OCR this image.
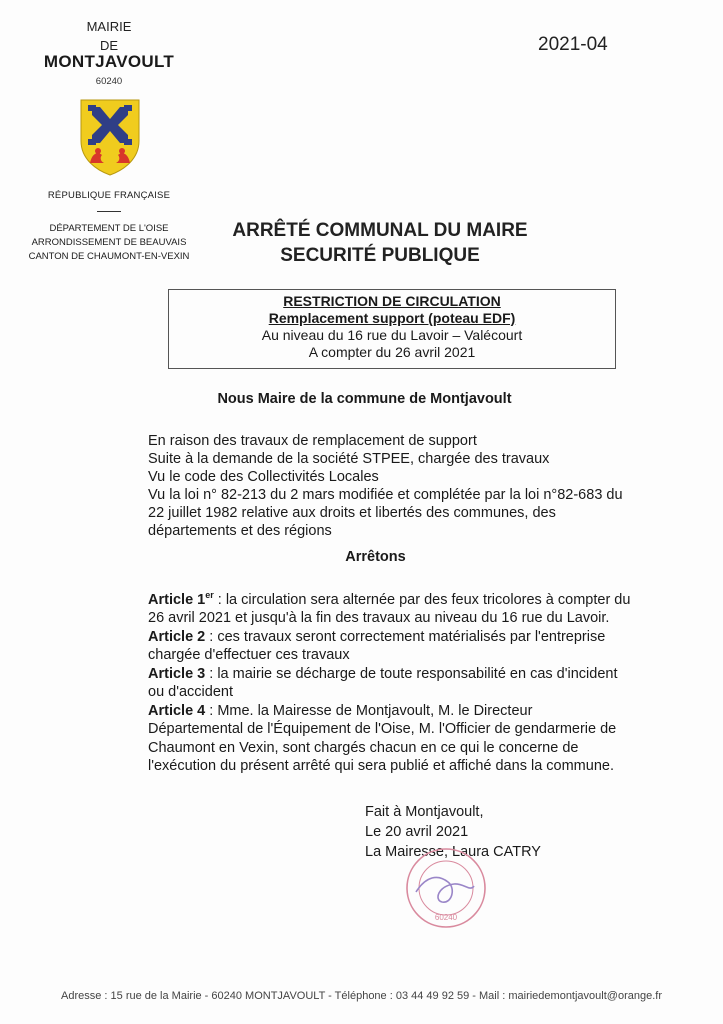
MAIRIE
DE
MONTJAVOULT
60240
RÉPUBLIQUE FRANÇAISE
DÉPARTEMENT DE L'OISE
ARRONDISSEMENT DE BEAUVAIS
CANTON DE CHAUMONT-EN-VEXIN
2021-04
ARRÊTÉ COMMUNAL DU MAIRE
SECURITÉ PUBLIQUE
RESTRICTION DE CIRCULATION
Remplacement support (poteau EDF)
Au niveau du 16 rue du Lavoir – Valécourt
A compter du 26 avril 2021
Nous Maire de la commune de Montjavoult
En raison des travaux de remplacement de support
Suite à la demande de la société STPEE, chargée des travaux
Vu le code des Collectivités Locales
Vu la loi n° 82-213 du 2 mars modifiée et complétée par la loi n°82-683 du
22 juillet 1982 relative aux droits et libertés des communes, des
départements et des régions
Arrêtons
Article 1er : la circulation sera alternée par des feux tricolores à compter du
26 avril 2021 et jusqu'à la fin des travaux au niveau du 16 rue du Lavoir.
Article 2 : ces travaux seront correctement matérialisés par l'entreprise
chargée d'effectuer ces travaux
Article 3 : la mairie se décharge de toute responsabilité en cas d'incident
ou d'accident
Article 4 : Mme. la Mairesse de Montjavoult, M. le Directeur
Départemental de l'Équipement de l'Oise, M. l'Officier de gendarmerie de
Chaumont en Vexin, sont chargés chacun en ce qui le concerne de
l'exécution du présent arrêté qui sera publié et affiché dans la commune.
Fait à Montjavoult,
Le 20 avril 2021
La Mairesse, Laura CATRY
60240
Adresse : 15 rue de la Mairie - 60240 MONTJAVOULT - Téléphone : 03 44 49 92 59 - Mail : mairiedemontjavoult@orange.fr
